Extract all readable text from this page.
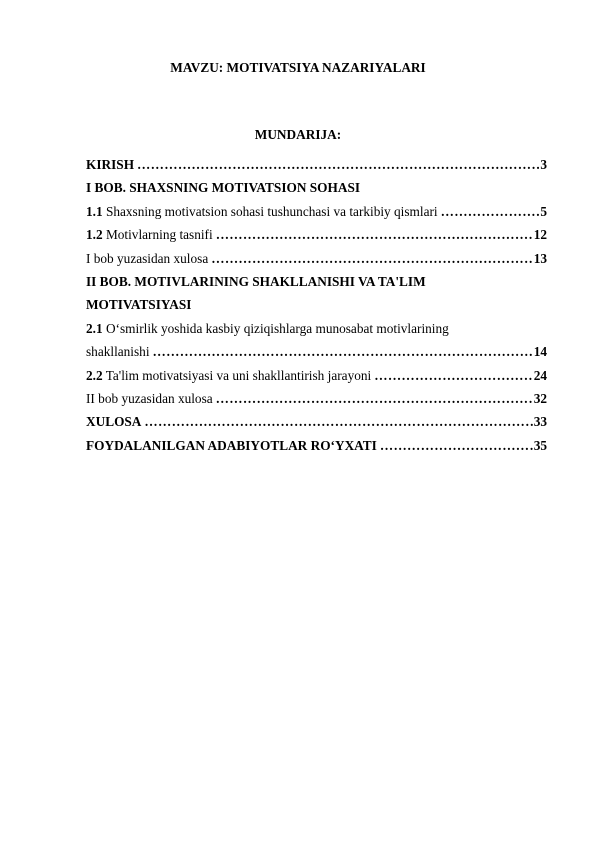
MAVZU: MOTIVATSIYA NAZARIYALARI
MUNDARIJA:
KIRISH ……………………………………………………………………………………………………………………………………	3
I BOB. SHAXSNING MOTIVATSION SOHASI
1.1 Shaxsning motivatsion sohasi tushunchasi va tarkibiy qismlari ……………………………………………………………………………………………………………………………………	5
1.2 Motivlarning tasnifi ……………………………………………………………………………………………………………………………………	12
I bob yuzasidan xulosa ……………………………………………………………………………………………………………………………………	13
II BOB. MOTIVLARINING SHAKLLANISHI VA TA'LIM
MOTIVATSIYASI
2.1 O‘smirlik yoshida kasbiy qiziqishlarga munosabat motivlarining
shakllanishi ……………………………………………………………………………………………………………………………………	14
2.2 Ta'lim motivatsiyasi va uni shakllantirish jarayoni ……………………………………………………………………………………………………………………………………	24
II bob yuzasidan xulosa ……………………………………………………………………………………………………………………………………	32
XULOSA ……………………………………………………………………………………………………………………………………	33
FOYDALANILGAN ADABIYOTLAR RO‘YXATI ……………………………………………………………………………………………………………………………………	35
